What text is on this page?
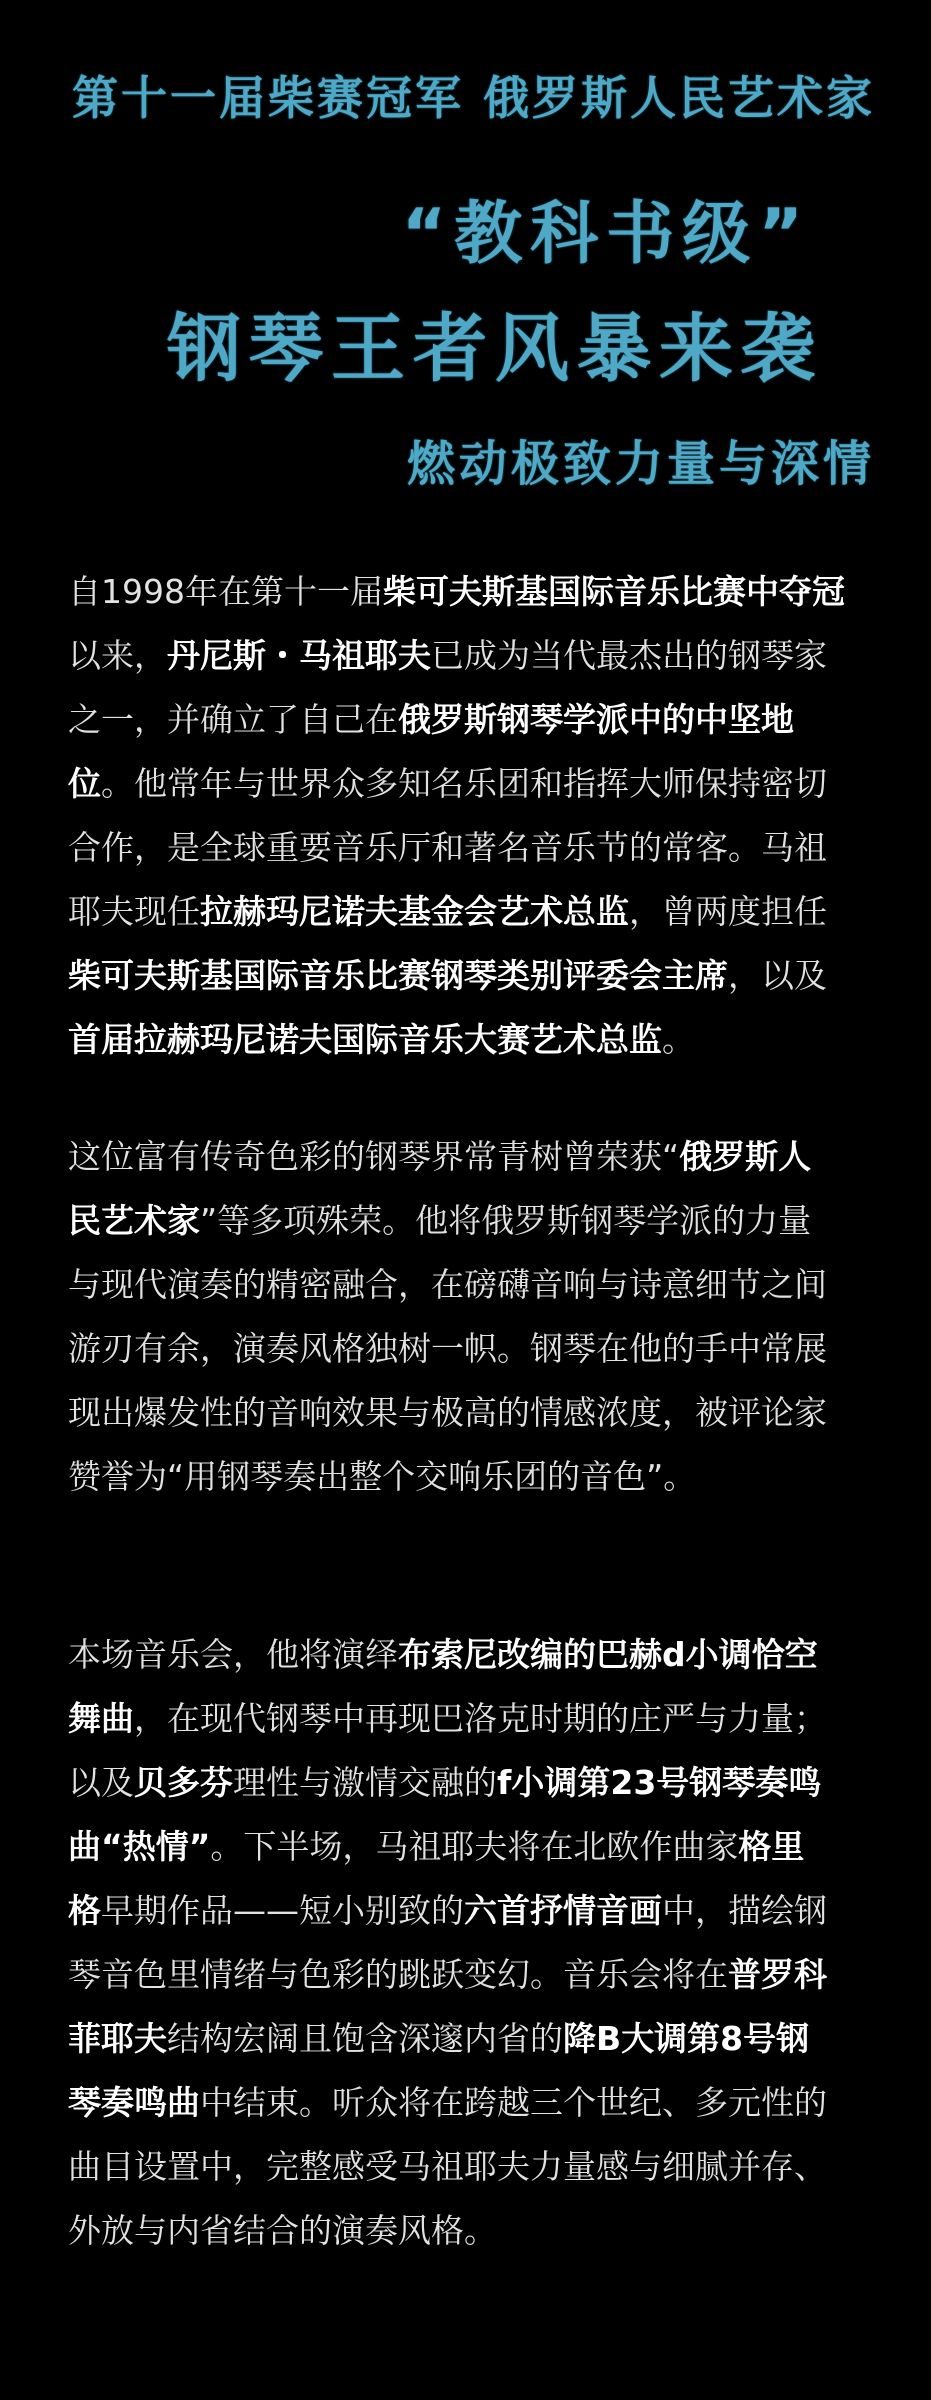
第十一届柴赛冠军 俄罗斯人民艺术家
“教科书级”
钢琴王者风暴来袭
燃动极致力量与深情
自1998年在第十一届柴可夫斯基国际音乐比赛中夺冠
以来，丹尼斯・马祖耶夫已成为当代最杰出的钢琴家
之一，并确立了自己在俄罗斯钢琴学派中的中坚地
位。他常年与世界众多知名乐团和指挥大师保持密切
合作，是全球重要音乐厅和著名音乐节的常客。马祖
耶夫现任拉赫玛尼诺夫基金会艺术总监，曾两度担任
柴可夫斯基国际音乐比赛钢琴类别评委会主席，以及
首届拉赫玛尼诺夫国际音乐大赛艺术总监。
这位富有传奇色彩的钢琴界常青树曾荣获“俄罗斯人
民艺术家”等多项殊荣。他将俄罗斯钢琴学派的力量
与现代演奏的精密融合，在磅礴音响与诗意细节之间
游刃有余，演奏风格独树一帜。钢琴在他的手中常展
现出爆发性的音响效果与极高的情感浓度，被评论家
赞誉为“用钢琴奏出整个交响乐团的音色”。
本场音乐会，他将演绎布索尼改编的巴赫d小调恰空
舞曲，在现代钢琴中再现巴洛克时期的庄严与力量；
以及贝多芬理性与激情交融的f小调第23号钢琴奏鸣
曲“热情”。下半场，马祖耶夫将在北欧作曲家格里
格早期作品——短小别致的六首抒情音画中，描绘钢
琴音色里情绪与色彩的跳跃变幻。音乐会将在普罗科
菲耶夫结构宏阔且饱含深邃内省的降B大调第8号钢
琴奏鸣曲中结束。听众将在跨越三个世纪、多元性的
曲目设置中，完整感受马祖耶夫力量感与细腻并存、
外放与内省结合的演奏风格。
